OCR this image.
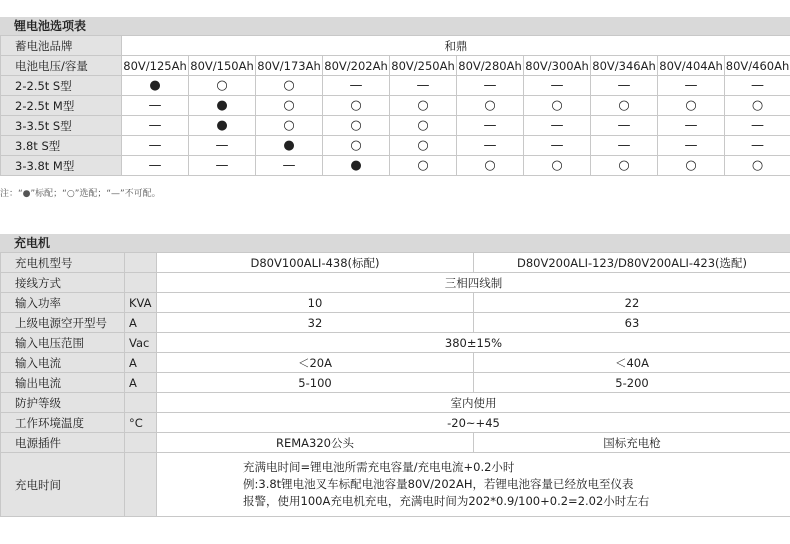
锂电池选项表
蓄电池品牌	和鼎									
电池电压/容量	80V/125Ah	80V/150Ah	80V/173Ah	80V/202Ah	80V/250Ah	80V/280Ah	80V/300Ah	80V/346Ah	80V/404Ah	80V/460Ah
2-2.5t S型	●	○	○	—	—	—	—	—	—	—
2-2.5t M型	—	●	○	○	○	○	○	○	○	○
3-3.5t S型	—	●	○	○	○	—	—	—	—	—
3.8t S型	—	—	●	○	○	—	—	—	—	—
3-3.8t M型	—	—	—	●	○	○	○	○	○	○
注：“●”标配；“○”选配；“—”不可配。
充电机
充电机型号		D80V100ALI-438(标配)	D80V200ALI-123/D80V200ALI-423(选配)
接线方式		三相四线制	
输入功率	KVA	10	22
上级电源空开型号	A	32	63
输入电压范围	Vac	380±15%	
输入电流	A	＜20A	＜40A
输出电流	A	5-100	5-200
防护等级		室内使用	
工作环境温度	°C	-20~+45	
电源插件		REMA320公头	国标充电枪
充电时间		充满电时间=锂电池所需充电容量/充电电流+0.2小时
例:3.8t锂电池叉车标配电池容量80V/202AH，若锂电池容量已经放电至仪表
报警，使用100A充电机充电，充满电时间为202*0.9/100+0.2=2.02小时左右	
